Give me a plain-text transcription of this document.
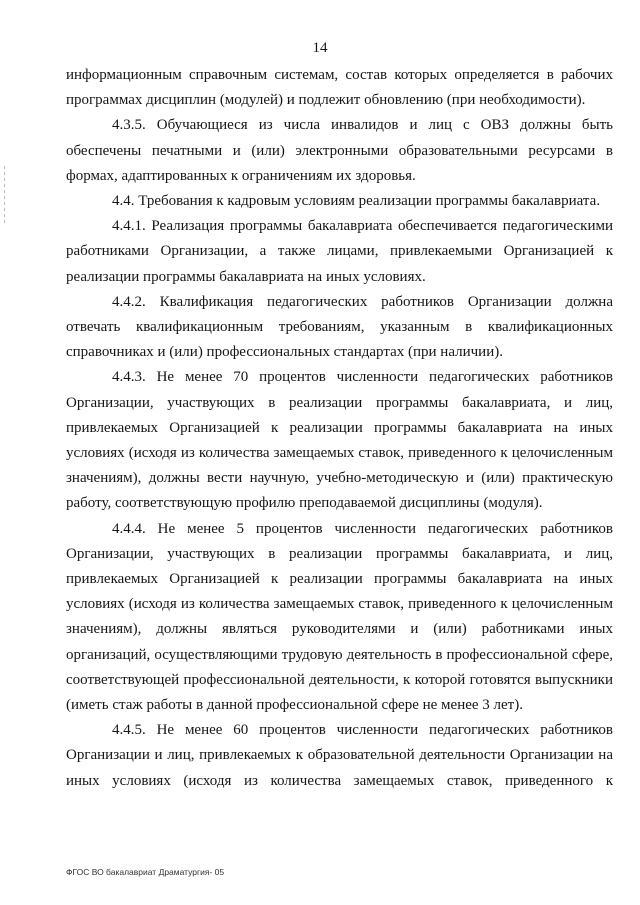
14

информационным справочным системам, состав которых определяется в рабочих программах дисциплин (модулей) и подлежит обновлению (при необходимости).

4.3.5. Обучающиеся из числа инвалидов и лиц с ОВЗ должны быть обеспечены печатными и (или) электронными образовательными ресурсами в формах, адаптированных к ограничениям их здоровья.

4.4. Требования к кадровым условиям реализации программы бакалавриата.

4.4.1. Реализация программы бакалавриата обеспечивается педагогическими работниками Организации, а также лицами, привлекаемыми Организацией к реализации программы бакалавриата на иных условиях.

4.4.2. Квалификация педагогических работников Организации должна отвечать квалификационным требованиям, указанным в квалификационных справочниках и (или) профессиональных стандартах (при наличии).

4.4.3. Не менее 70 процентов численности педагогических работников Организации, участвующих в реализации программы бакалавриата, и лиц, привлекаемых Организацией к реализации программы бакалавриата на иных условиях (исходя из количества замещаемых ставок, приведенного к целочисленным значениям), должны вести научную, учебно-методическую и (или) практическую работу, соответствующую профилю преподаваемой дисциплины (модуля).

4.4.4. Не менее 5 процентов численности педагогических работников Организации, участвующих в реализации программы бакалавриата, и лиц, привлекаемых Организацией к реализации программы бакалавриата на иных условиях (исходя из количества замещаемых ставок, приведенного к целочисленным значениям), должны являться руководителями и (или) работниками иных организаций, осуществляющими трудовую деятельность в профессиональной сфере, соответствующей профессиональной деятельности, к которой готовятся выпускники (иметь стаж работы в данной профессиональной сфере не менее 3 лет).

4.4.5. Не менее 60 процентов численности педагогических работников Организации и лиц, привлекаемых к образовательной деятельности Организации на иных условиях (исходя из количества замещаемых ставок, приведенного к

ФГОС ВО бакалавриат Драматургия- 05
